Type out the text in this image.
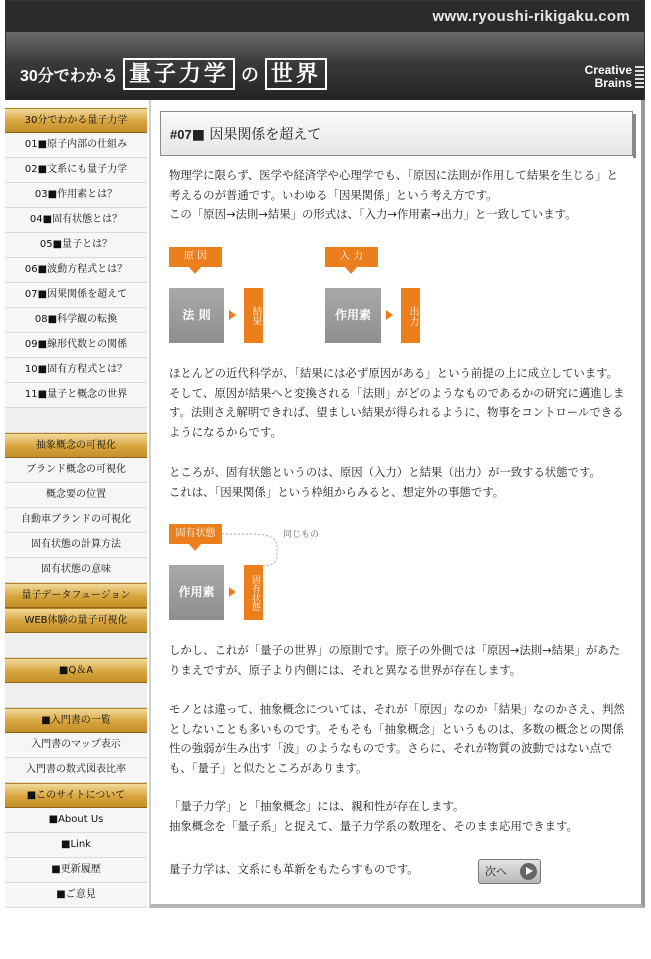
www.ryoushi-rikigaku.com
30分でわかる 量子力学 の 世界	Creative
Brains
30分でわかる量子力学
01■原子内部の仕組み
02■文系にも量子力学
03■作用素とは？
04■固有状態とは？
05■量子とは？
06■波動方程式とは？
07■因果関係を超えて
08■科学観の転換
09■線形代数との関係
10■固有方程式とは？
11■量子と概念の世界
抽象概念の可視化
ブランド概念の可視化
概念要の位置
自動車ブランドの可視化
固有状態の計算方法
固有状態の意味
量子データフュージョン
WEB体験の量子可視化
■Q＆A
■入門書の一覧
入門書のマップ表示
入門書の数式図表比率
■このサイトについて
■About Us
■Link
■更新履歴
■ご意見
#07■ 因果関係を超えて
物理学に限らず、医学や経済学や心理学でも、「原因に法則が作用して結果を生じる」と考えるのが普通です。いわゆる「因果関係」という考え方です。
この「原因→法則→結果」の形式は、「入力→作用素→出力」と一致しています。
原 因
法 則	結果
入 力
作用素	出力
ほとんどの近代科学が、「結果には必ず原因がある」という前提の上に成立しています。そして、原因が結果へと変換される「法則」がどのようなものであるかの研究に邁進します。法則さえ解明できれば、望ましい結果が得られるように、物事をコントロールできるようになるからです。
ところが、固有状態というのは、原因（入力）と結果（出力）が一致する状態です。
これは、「因果関係」という枠組からみると、想定外の事態です。
固有状態	同じもの
作用素	固有状態
しかし、これが「量子の世界」の原則です。原子の外側では「原因→法則→結果」があたりまえですが、原子より内側には、それと異なる世界が存在します。
モノとは違って、抽象概念については、それが「原因」なのか「結果」なのかさえ、判然としないことも多いものです。そもそも「抽象概念」というものは、多数の概念との関係性の強弱が生み出す「波」のようなものです。さらに、それが物質の波動ではない点でも、「量子」と似たところがあります。
「量子力学」と「抽象概念」には、親和性が存在します。
抽象概念を「量子系」と捉えて、量子力学系の数理を、そのまま応用できます。
量子力学は、文系にも革新をもたらすものです。	次へ
